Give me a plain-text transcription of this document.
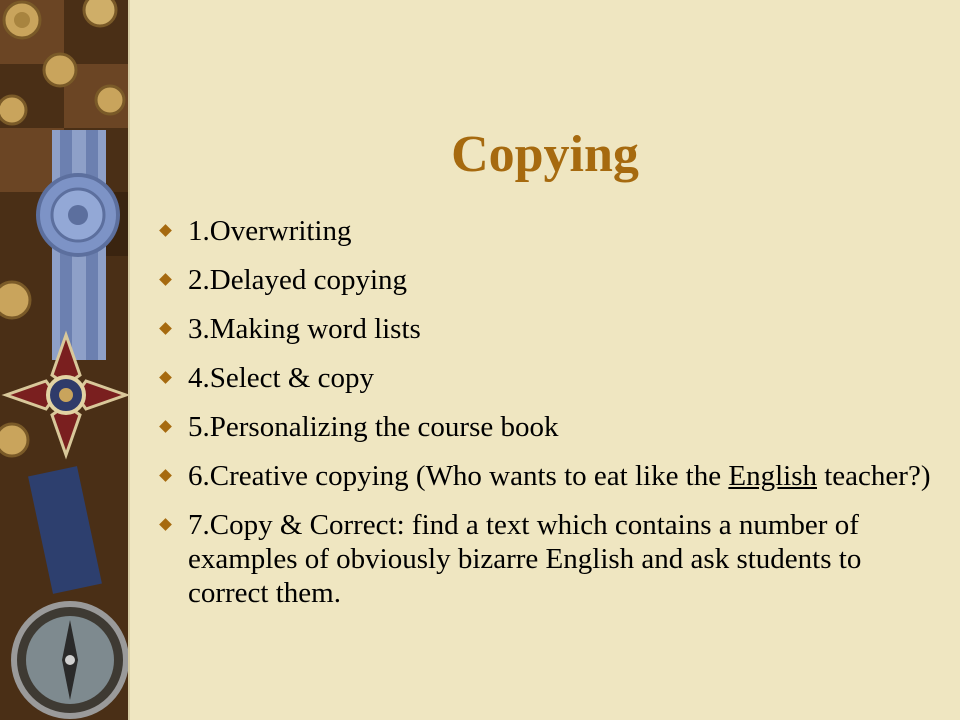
Copying
1.Overwriting
2.Delayed copying
3.Making word lists
4.Select & copy
5.Personalizing the course book
6.Creative copying (Who wants to eat like the English teacher?)
7.Copy & Correct: find a text which contains a number of examples of obviously bizarre English and ask students to correct them.
